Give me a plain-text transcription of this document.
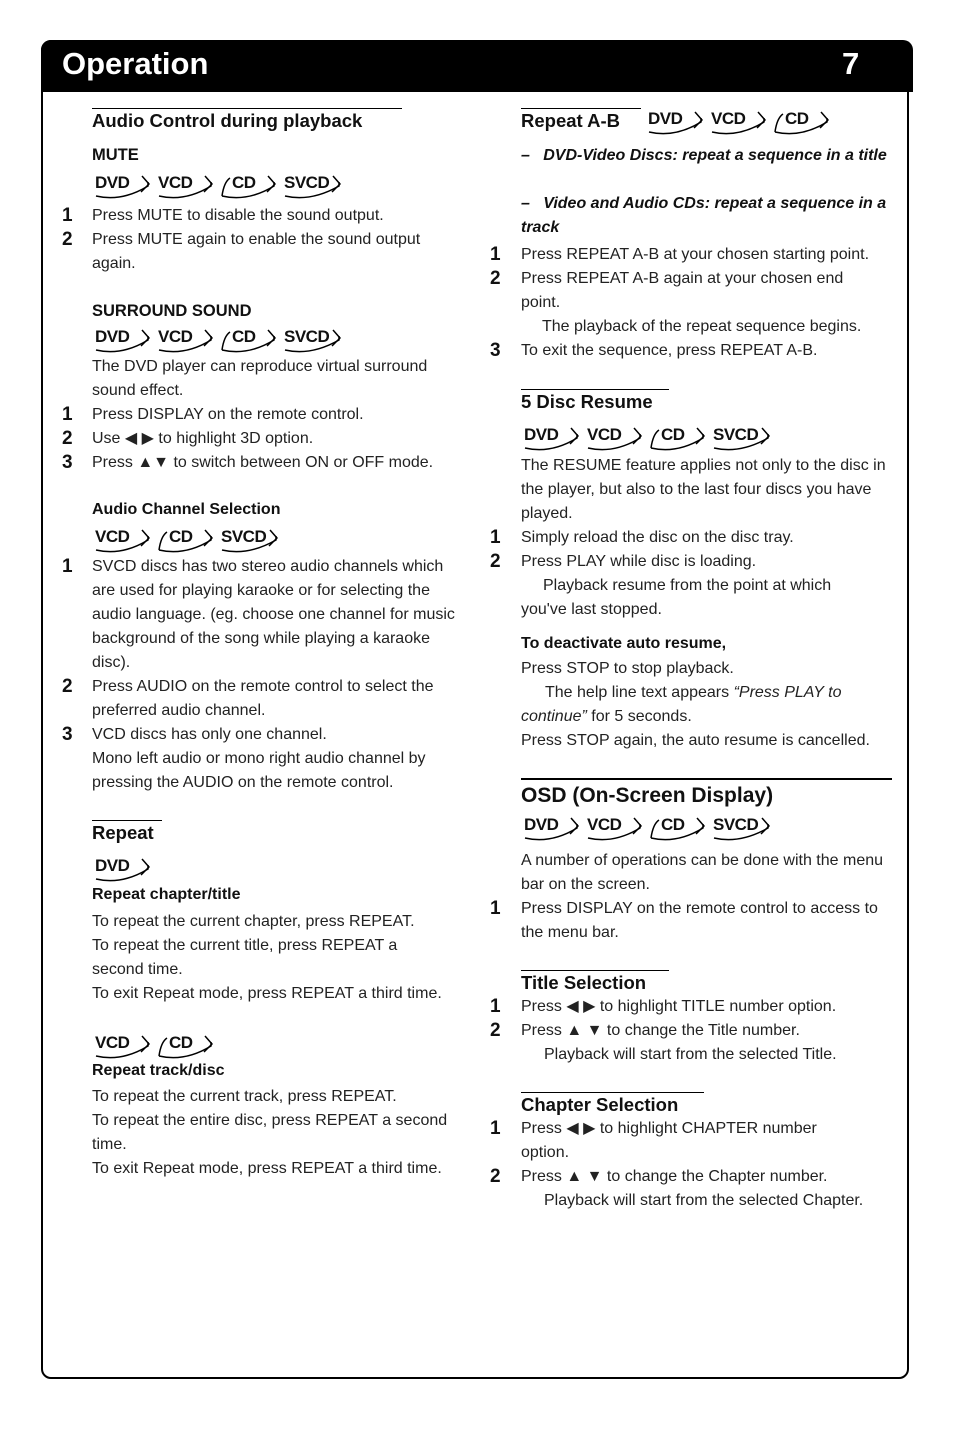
Operation	7
Audio Control during playback
MUTE
DVD	VCD	CD	SVCD
1 Press MUTE to disable the sound output.
2 Press MUTE again to enable the sound output again.
SURROUND SOUND
DVD	VCD	CD	SVCD
The DVD player can reproduce virtual surround sound effect.
1 Press DISPLAY on the remote control.
2 Use ◀ ▶ to highlight 3D option.
3 Press ▲▼ to switch between ON or OFF mode.
Audio Channel Selection
VCD	CD	SVCD
1 SVCD discs has two stereo audio channels which are used for playing karaoke or for selecting the audio language. (eg. choose one channel for music background of the song while playing a karaoke disc).
2 Press AUDIO on the remote control to select the preferred audio channel.
3 VCD discs has only one channel.
Mono left audio or mono right audio channel by pressing the AUDIO on the remote control.
Repeat
DVD
Repeat chapter/title
To repeat the current chapter, press REPEAT.
To repeat the current title, press REPEAT a second time.
To exit Repeat mode, press REPEAT a third time.
VCD	CD
Repeat track/disc
To repeat the current track, press REPEAT.
To repeat the entire disc, press REPEAT a second time.
To exit Repeat mode, press REPEAT a third time.
Repeat A-B	DVD	VCD	CD
– DVD-Video Discs: repeat a sequence in a title
– Video and Audio CDs: repeat a sequence in a track
1 Press REPEAT A-B at your chosen starting point.
2 Press REPEAT A-B again at your chosen end point.
The playback of the repeat sequence begins.
3 To exit the sequence, press REPEAT A-B.
5 Disc Resume
DVD	VCD	CD	SVCD
The RESUME feature applies not only to the disc in the player, but also to the last four discs you have played.
1 Simply reload the disc on the disc tray.
2 Press PLAY while disc is loading.
Playback resume from the point at which you've last stopped.
To deactivate auto resume,
Press STOP to stop playback.
The help line text appears “Press PLAY to continue” for 5 seconds.
Press STOP again, the auto resume is cancelled.
OSD (On-Screen Display)
DVD	VCD	CD	SVCD
A number of operations can be done with the menu bar on the screen.
1 Press DISPLAY on the remote control to access to the menu bar.
Title Selection
1 Press ◀ ▶ to highlight TITLE number option.
2 Press ▲ ▼ to change the Title number.
Playback will start from the selected Title.
Chapter Selection
1 Press ◀ ▶ to highlight CHAPTER number option.
2 Press ▲ ▼ to change the Chapter number.
Playback will start from the selected Chapter.
